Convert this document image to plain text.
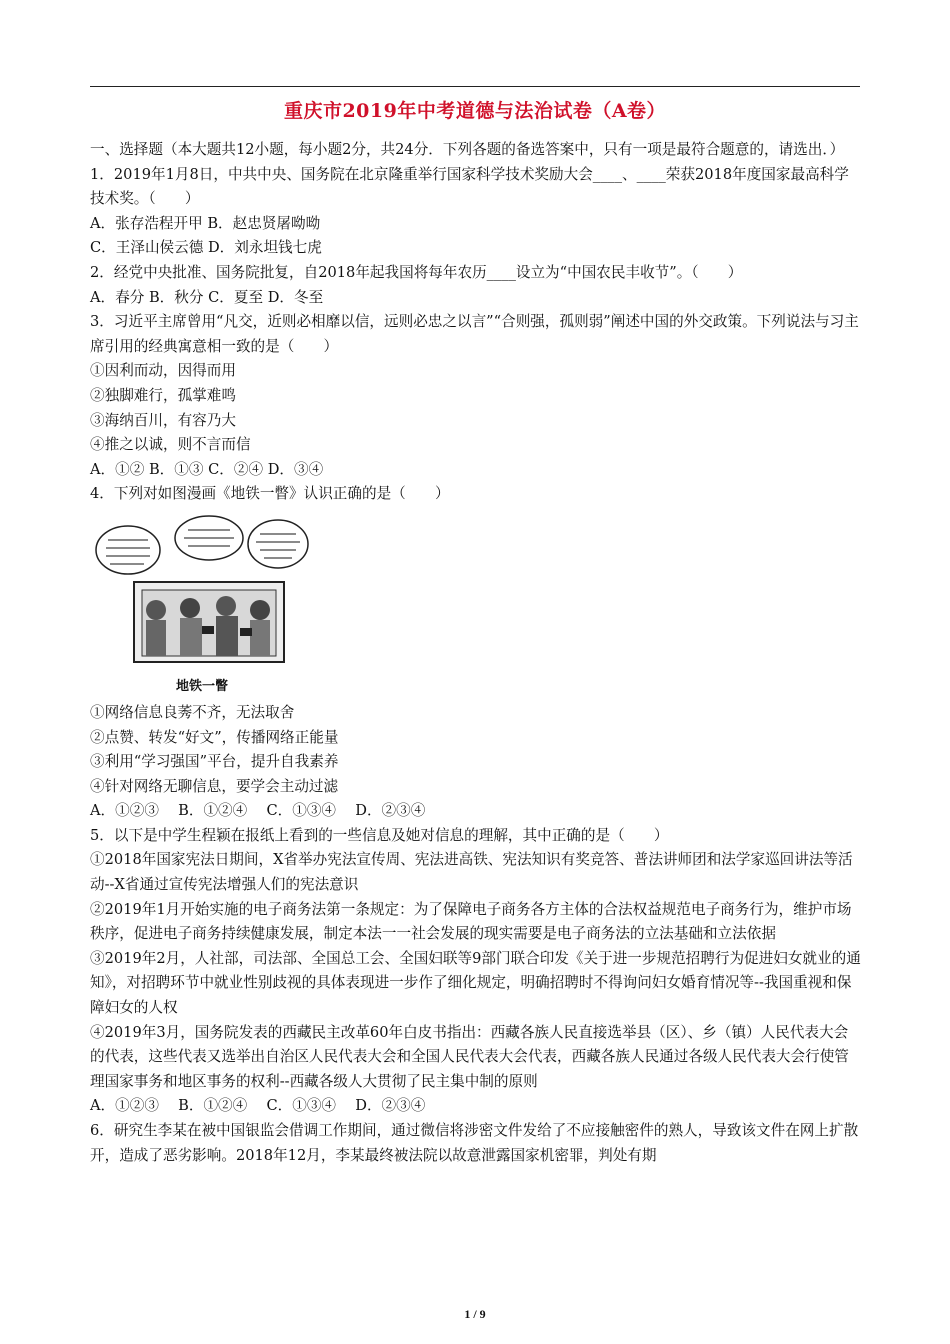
重庆市2019年中考道德与法治试卷（A卷）

一、选择题（本大题共12小题，每小题2分，共24分．下列各题的备选答案中，只有一项是最符合题意的，请选出．）

1．2019年1月8日，中共中央、国务院在北京隆重举行国家科学技术奖励大会____、____荣获2018年度国家最高科学技术奖。（　　）

A．张存浩程开甲 B．赵忠贤屠呦呦

C．王泽山侯云德 D．刘永坦钱七虎

2．经党中央批准、国务院批复，自2018年起我国将每年农历____设立为“中国农民丰收节”。（　　）

A．春分 B．秋分 C．夏至 D．冬至

3．习近平主席曾用“凡交，近则必相靡以信，远则必忠之以言”“合则强，孤则弱”阐述中国的外交政策。下列说法与习主席引用的经典寓意相一致的是（　　）

①因利而动，因得而用

②独脚难行，孤掌难鸣

③海纳百川，有容乃大

④推之以诚，则不言而信

A．①② B．①③ C．②④ D．③④

4．下列对如图漫画《地铁一瞥》认识正确的是（　　）

地铁一瞥

①网络信息良莠不齐，无法取舍

②点赞、转发“好文”，传播网络正能量

③利用“学习强国”平台，提升自我素养

④针对网络无聊信息，要学会主动过滤

A．①②③　 B．①②④　 C．①③④　 D．②③④

5．以下是中学生程颖在报纸上看到的一些信息及她对信息的理解，其中正确的是（　　）

①2018年国家宪法日期间，X省举办宪法宣传周、宪法进高铁、宪法知识有奖竞答、普法讲师团和法学家巡回讲法等活动--X省通过宣传宪法增强人们的宪法意识

②2019年1月开始实施的电子商务法第一条规定：为了保障电子商务各方主体的合法权益规范电子商务行为，维护市场秩序，促进电子商务持续健康发展，制定本法一一社会发展的现实需要是电子商务法的立法基础和立法依据

③2019年2月，人社部，司法部、全国总工会、全国妇联等9部门联合印发《关于进一步规范招聘行为促进妇女就业的通知》，对招聘环节中就业性别歧视的具体表现进一步作了细化规定，明确招聘时不得询问妇女婚育情况等--我国重视和保障妇女的人权

④2019年3月，国务院发表的西藏民主改革60年白皮书指出：西藏各族人民直接选举县（区）、乡（镇）人民代表大会的代表，这些代表又选举出自治区人民代表大会和全国人民代表大会代表，西藏各族人民通过各级人民代表大会行使管理国家事务和地区事务的权利--西藏各级人大贯彻了民主集中制的原则

A．①②③　 B．①②④　 C．①③④　 D．②③④

6．研究生李某在被中国银监会借调工作期间，通过微信将涉密文件发给了不应接触密件的熟人，导致该文件在网上扩散开，造成了恶劣影响。2018年12月，李某最终被法院以故意泄露国家机密罪，判处有期

1 / 9
